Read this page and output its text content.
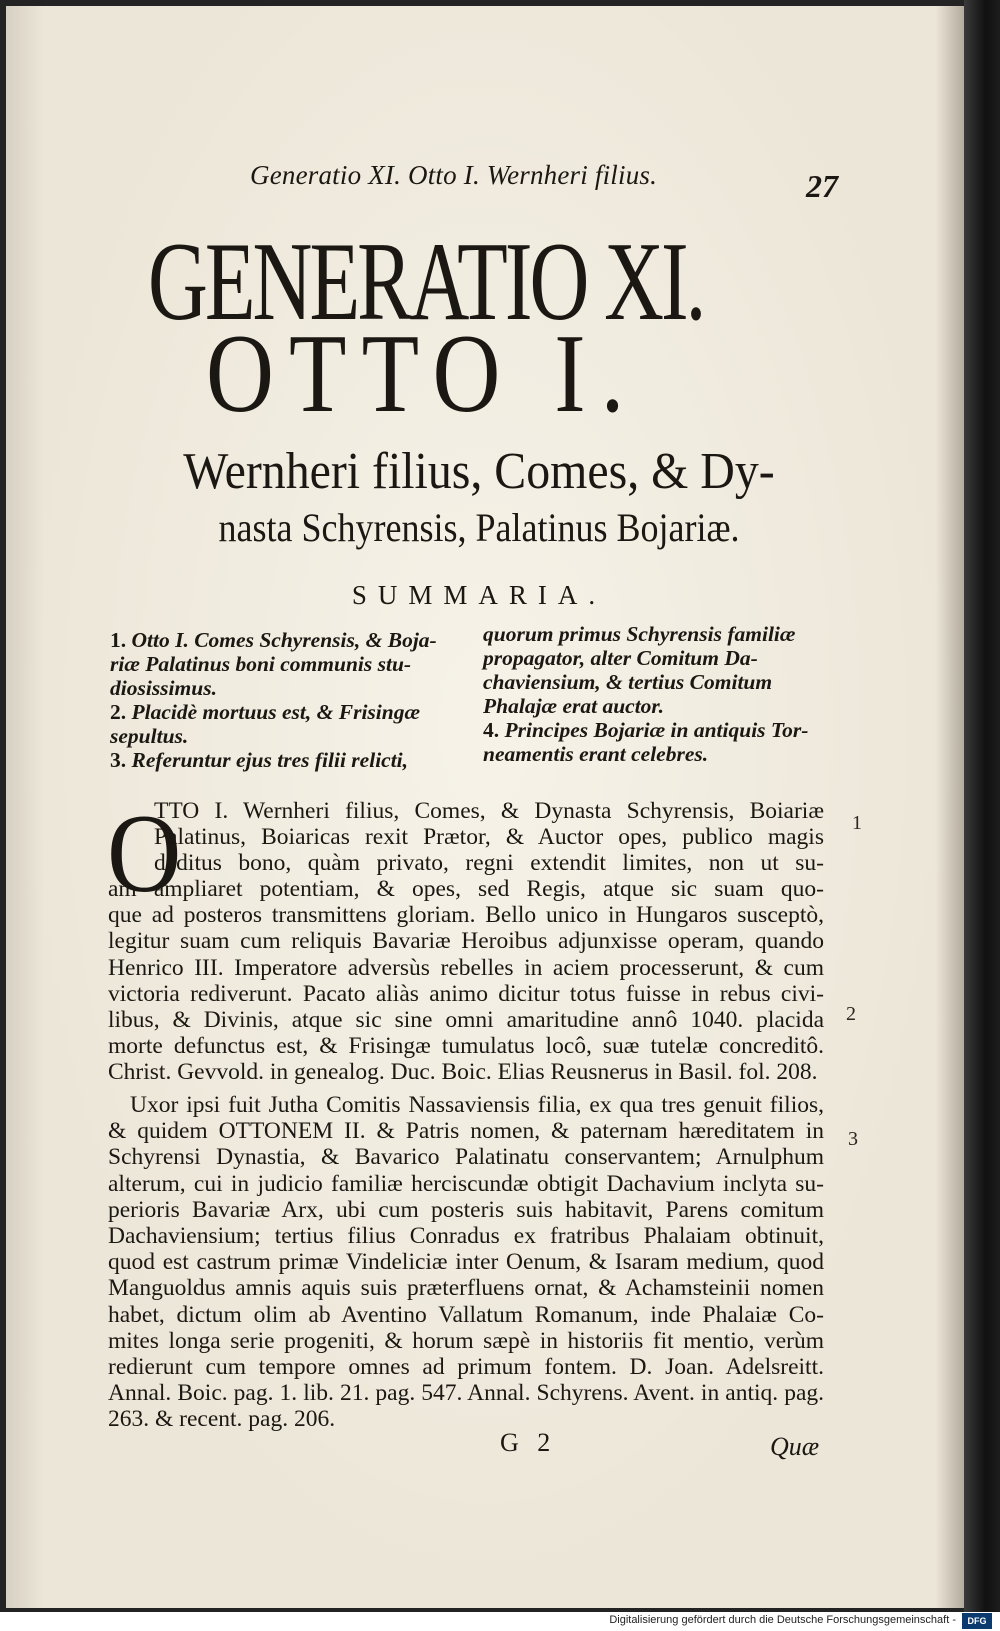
Generatio XI. Otto I. Wernheri filius.	27
GENERATIO XI.
OTTO I.
Wernheri filius, Comes, & Dy-
nasta Schyrensis, Palatinus Bojariæ.
SUMMARIA.

1. Otto I. Comes Schyrensis, & Boja-

riæ Palatinus boni communis stu-

diosissimus.

2. Placidè mortuus est, & Frisingæ

sepultus.

3. Referuntur ejus tres filii relicti,

quorum primus Schyrensis familiæ

propagator, alter Comitum Da-

chaviensium, & tertius Comitum

Phalajæ erat auctor.

4. Principes Bojariæ in antiquis Tor-

neamentis erant celebres.

O
TTO I. Wernheri filius, Comes, & Dynasta Schyrensis, Boiariæ
Palatinus, Boiaricas rexit Prætor, & Auctor opes, publico magis
deditus bono, quàm privato, regni extendit limites, non ut su-
am ampliaret potentiam, & opes, sed Regis, atque sic suam quo-
que ad posteros transmittens gloriam. Bello unico in Hungaros susceptò,
legitur suam cum reliquis Bavariæ Heroibus adjunxisse operam, quando
Henrico III. Imperatore adversùs rebelles in aciem processerunt, & cum
victoria rediverunt. Pacato aliàs animo dicitur totus fuisse in rebus civi-
libus, & Divinis, atque sic sine omni amaritudine annô 1040. placida
morte defunctus est, & Frisingæ tumulatus locô, suæ tutelæ concreditô.
Christ. Gevvold. in genealog. Duc. Boic. Elias Reusnerus in Basil. fol. 208.
Uxor ipsi fuit Jutha Comitis Nassaviensis filia, ex qua tres genuit filios,
& quidem OTTONEM II. & Patris nomen, & paternam hæreditatem in
Schyrensi Dynastia, & Bavarico Palatinatu conservantem; Arnulphum
alterum, cui in judicio familiæ herciscundæ obtigit Dachavium inclyta su-
perioris Bavariæ Arx, ubi cum posteris suis habitavit, Parens comitum
Dachaviensium; tertius filius Conradus ex fratribus Phalaiam obtinuit,
quod est castrum primæ Vindeliciæ inter Oenum, & Isaram medium, quod
Manguoldus amnis aquis suis præterfluens ornat, & Achamsteinii nomen
habet, dictum olim ab Aventino Vallatum Romanum, inde Phalaiæ Co-
mites longa serie progeniti, & horum sæpè in historiis fit mentio, verùm
redierunt cum tempore omnes ad primum fontem. D. Joan. Adelsreitt.
Annal. Boic. pag. 1. lib. 21. pag. 547. Annal. Schyrens. Avent. in antiq. pag.
263. & recent. pag. 206.
1
2
3
G 2	Quæ
Digitalisierung gefördert durch die Deutsche Forschungsgemeinschaft -	DFG
